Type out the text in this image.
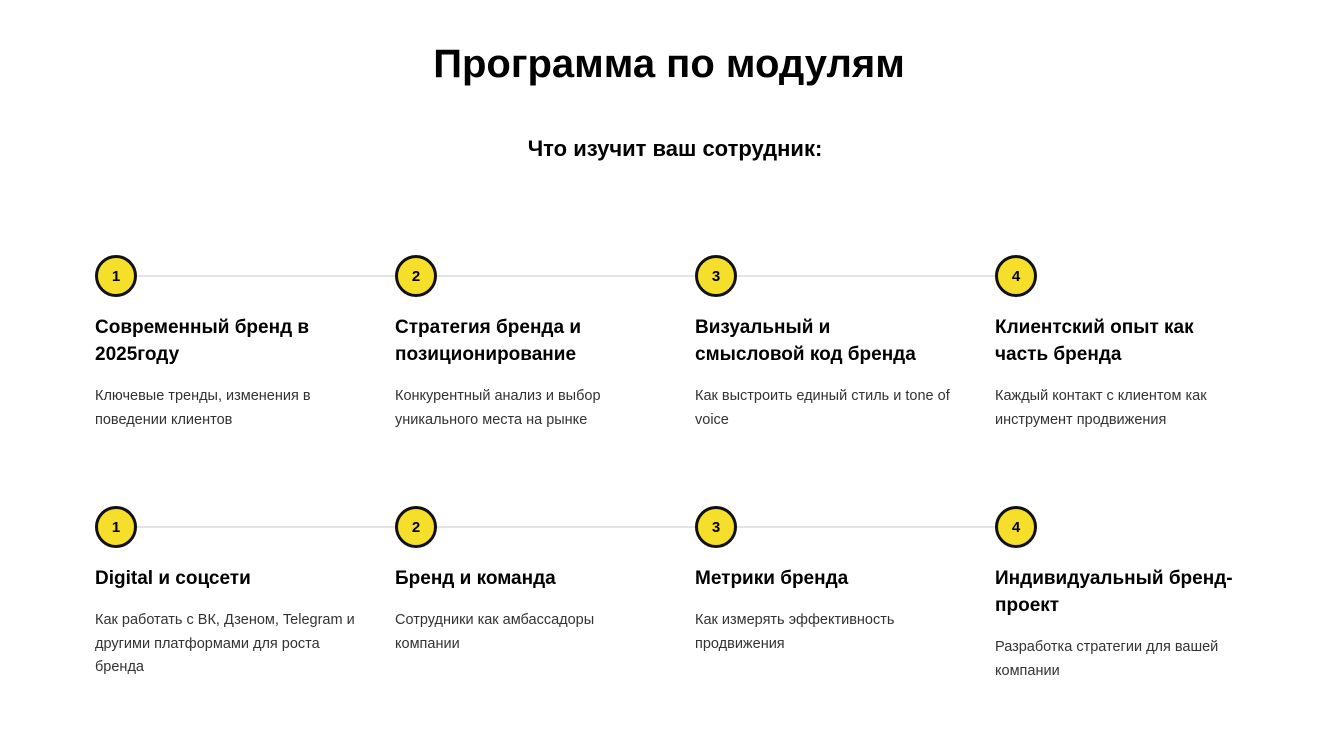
Программа по модулям
Что изучит ваш сотрудник:
1
Современный бренд в 2025году

Ключевые тренды, изменения в поведении клиентов

2
Стратегия бренда и позиционирование

Конкурентный анализ и выбор уникального места на рынке

3
Визуальный и смысловой код бренда

Как выстроить единый стиль и tone of voice

4
Клиентский опыт как часть бренда

Каждый контакт с клиентом как инструмент продвижения

1
Digital и соцсети

Как работать с ВК, Дзеном, Telegram и другими платформами для роста бренда

2
Бренд и команда

Сотрудники как амбассадоры компании

3
Метрики бренда

Как измерять эффективность продвижения

4
Индивидуальный бренд-проект

Разработка стратегии для вашей компании
